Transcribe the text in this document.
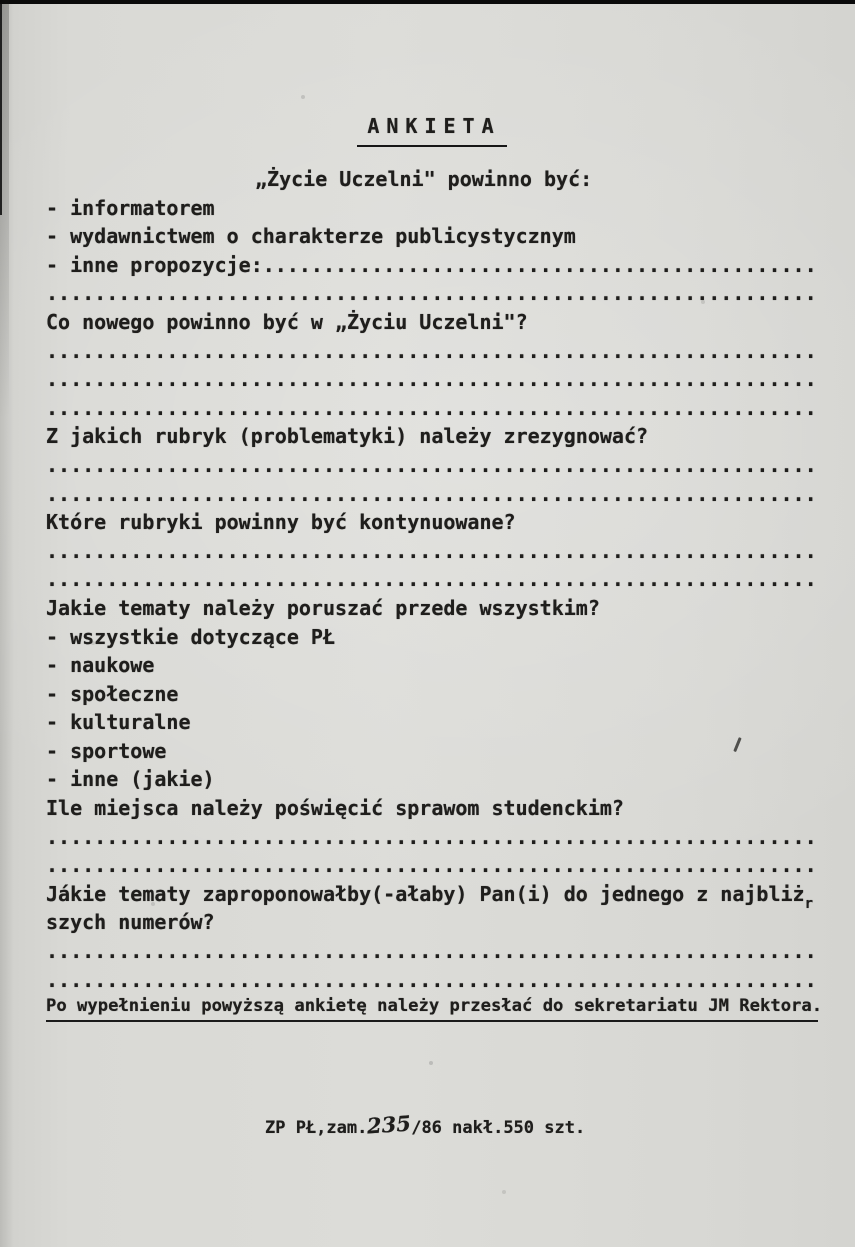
ANKIETA
„Życie Uczelni" powinno być:
- informatorem
- wydawnictwem o charakterze publicystycznym
- inne propozycje:..............................................
................................................................
Co nowego powinno być w „Życiu Uczelni"?
................................................................
................................................................
................................................................
Z jakich rubryk (problematyki) należy zrezygnować?
................................................................
................................................................
Które rubryki powinny być kontynuowane?
................................................................
................................................................
Jakie tematy należy poruszać przede wszystkim?
- wszystkie dotyczące PŁ
- naukowe
- społeczne
- kulturalne
- sportowe
- inne (jakie)
Ile miejsca należy poświęcić sprawom studenckim?
................................................................
................................................................
Jákie tematy zaproponowałby(-ałaby) Pan(i) do jednego z najbliż$_r$
szych numerów?
................................................................
................................................................
Po wypełnieniu powyższą ankietę należy przesłać do sekretariatu JM Rektora.
ZP PŁ,zam.235/86 nakł.550 szt.
